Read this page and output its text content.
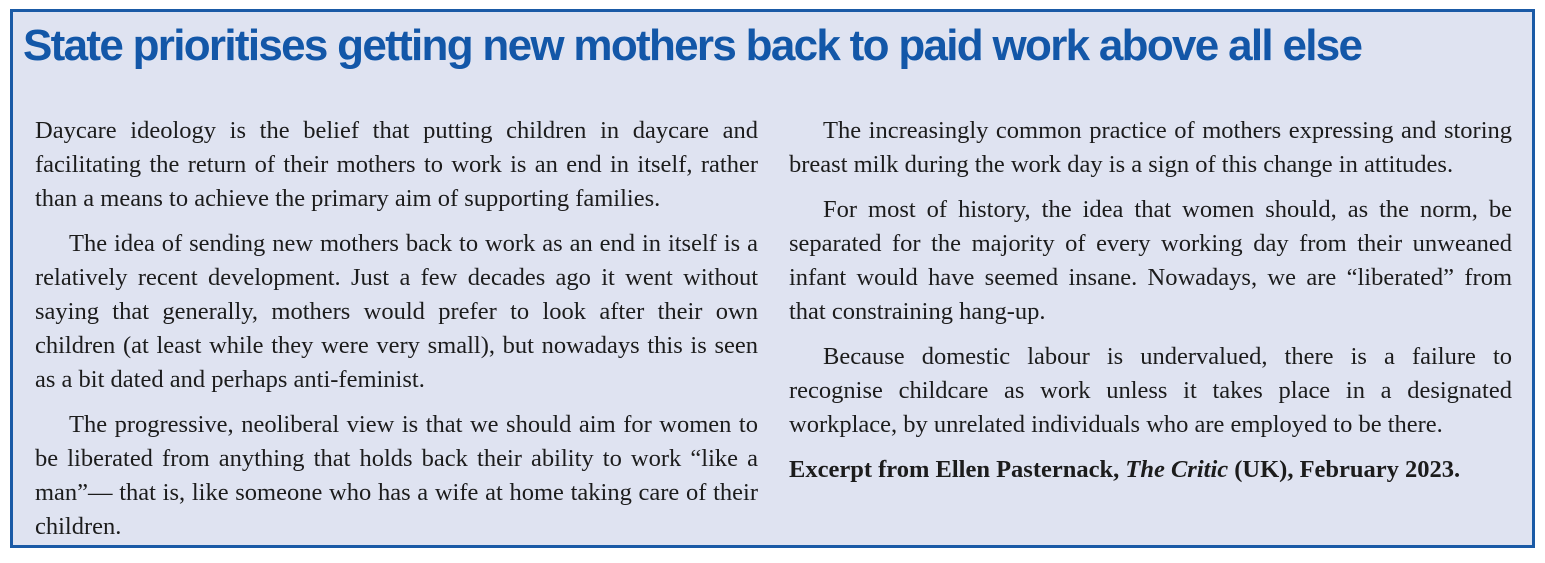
State prioritises getting new mothers back to paid work above all else

Daycare ideology is the belief that putting children in daycare and facilitating the return of their mothers to work is an end in itself, rather than a means to achieve the primary aim of supporting families.

The idea of sending new mothers back to work as an end in itself is a relatively recent development. Just a few decades ago it went without saying that generally, mothers would prefer to look after their own children (at least while they were very small), but nowadays this is seen as a bit dated and perhaps anti-feminist.

The progressive, neoliberal view is that we should aim for women to be liberated from anything that holds back their ability to work “like a man”— that is, like someone who has a wife at home taking care of their children.

The increasingly common practice of mothers expressing and storing breast milk during the work day is a sign of this change in attitudes.

For most of history, the idea that women should, as the norm, be separated for the majority of every working day from their unweaned infant would have seemed insane. Nowadays, we are “liberated” from that constraining hang-up.

Because domestic labour is undervalued, there is a failure to recognise childcare as work unless it takes place in a designated workplace, by unrelated individuals who are employed to be there.

Excerpt from Ellen Pasternack, The Critic (UK), February 2023.
